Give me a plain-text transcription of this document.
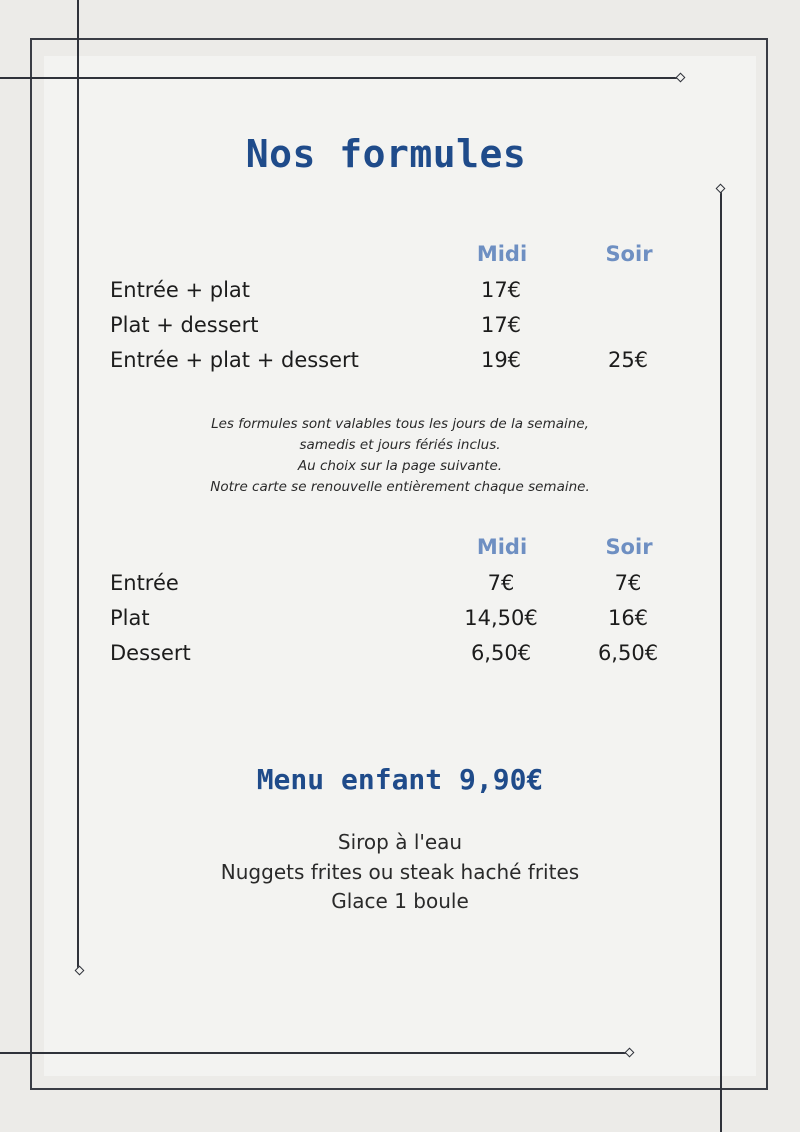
Nos formules
Midi	Soir
Entrée + plat	17€
Plat + dessert	17€
Entrée + plat + dessert	19€	25€
Les formules sont valables tous les jours de la semaine,
samedis et jours fériés inclus.
Au choix sur la page suivante.
Notre carte se renouvelle entièrement chaque semaine.
Midi	Soir
Entrée	7€	7€
Plat	14,50€	16€
Dessert	6,50€	6,50€
Menu enfant 9,90€
Sirop à l'eau
Nuggets frites ou steak haché frites
Glace 1 boule
